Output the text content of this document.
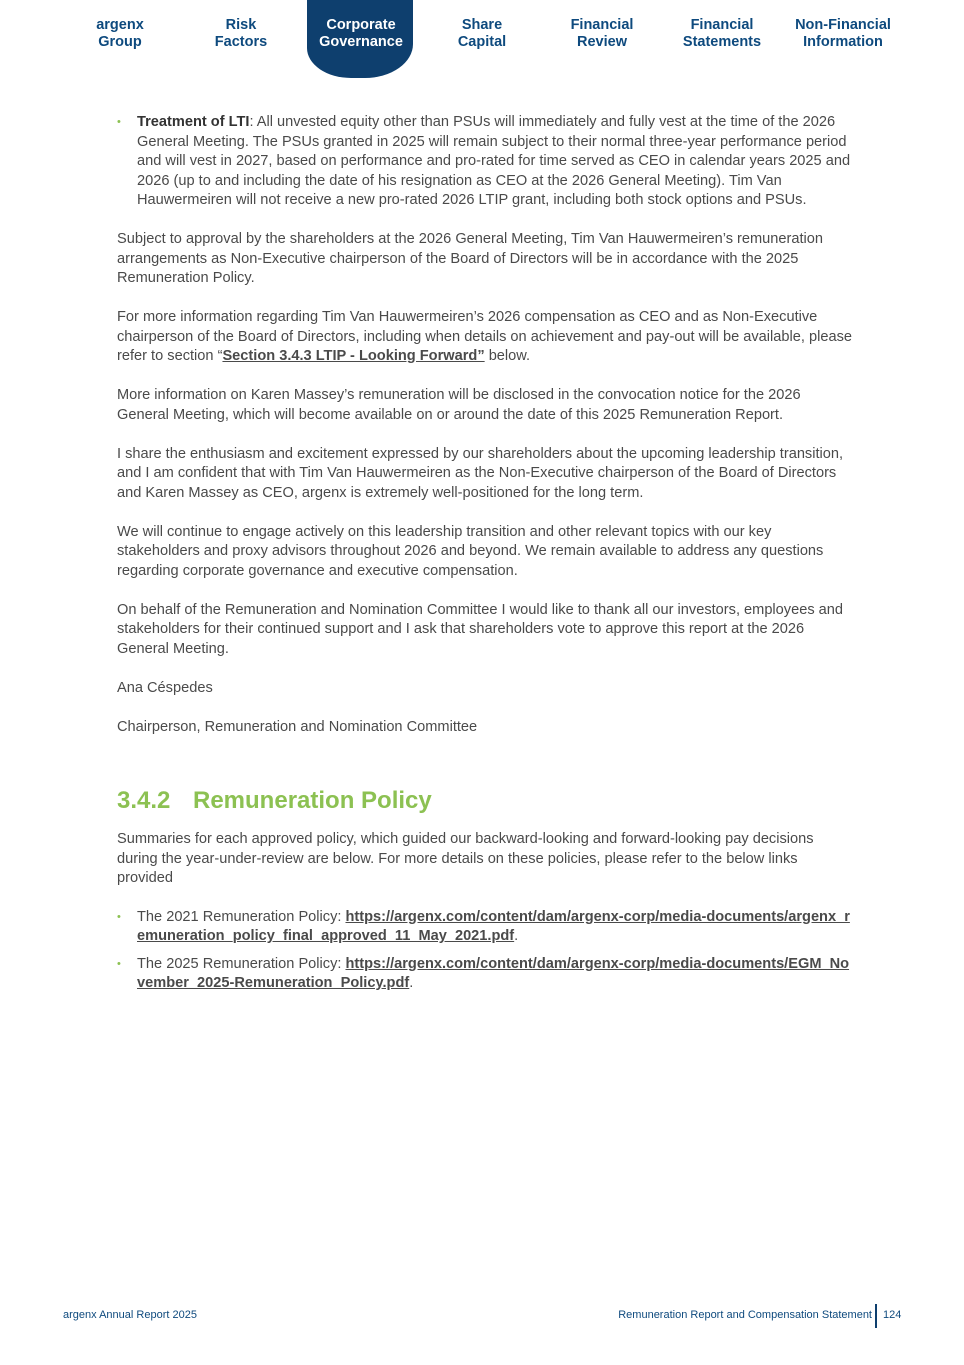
argenx
Group
Risk
Factors
Corporate
Governance
Share
Capital
Financial
Review
Financial
Statements
Non-Financial
Information
• Treatment of LTI: All unvested equity other than PSUs will immediately and fully vest at the time of the 2026 General Meeting. The PSUs granted in 2025 will remain subject to their normal three-year performance period and will vest in 2027, based on performance and pro-rated for time served as CEO in calendar years 2025 and 2026 (up to and including the date of his resignation as CEO at the 2026 General Meeting). Tim Van Hauwermeiren will not receive a new pro-rated 2026 LTIP grant, including both stock options and PSUs.

Subject to approval by the shareholders at the 2026 General Meeting, Tim Van Hauwermeiren’s remuneration arrangements as Non-Executive chairperson of the Board of Directors will be in accordance with the 2025 Remuneration Policy.

For more information regarding Tim Van Hauwermeiren’s 2026 compensation as CEO and as Non-Executive chairperson of the Board of Directors, including when details on achievement and pay-out will be available, please refer to section “Section 3.4.3 LTIP - Looking Forward” below.

More information on Karen Massey’s remuneration will be disclosed in the convocation notice for the 2026 General Meeting, which will become available on or around the date of this 2025 Remuneration Report.

I share the enthusiasm and excitement expressed by our shareholders about the upcoming leadership transition, and I am confident that with Tim Van Hauwermeiren as the Non-Executive chairperson of the Board of Directors and Karen Massey as CEO, argenx is extremely well-positioned for the long term.

We will continue to engage actively on this leadership transition and other relevant topics with our key stakeholders and proxy advisors throughout 2026 and beyond. We remain available to address any questions regarding corporate governance and executive compensation.

On behalf of the Remuneration and Nomination Committee I would like to thank all our investors, employees and stakeholders for their continued support and I ask that shareholders vote to approve this report at the 2026 General Meeting.

Ana Céspedes

Chairperson, Remuneration and Nomination Committee

3.4.2 Remuneration Policy

Summaries for each approved policy, which guided our backward-looking and forward-looking pay decisions during the year-under-review are below. For more details on these policies, please refer to the below links provided

• The 2021 Remuneration Policy: https://argenx.com/content/dam/argenx-corp/media-documents/argenx_remuneration_policy_final_approved_11_May_2021.pdf.
• The 2025 Remuneration Policy: https://argenx.com/content/dam/argenx-corp/media-documents/EGM_November_2025-Remuneration_Policy.pdf.
argenx Annual Report 2025	Remuneration Report and Compensation Statement 124
